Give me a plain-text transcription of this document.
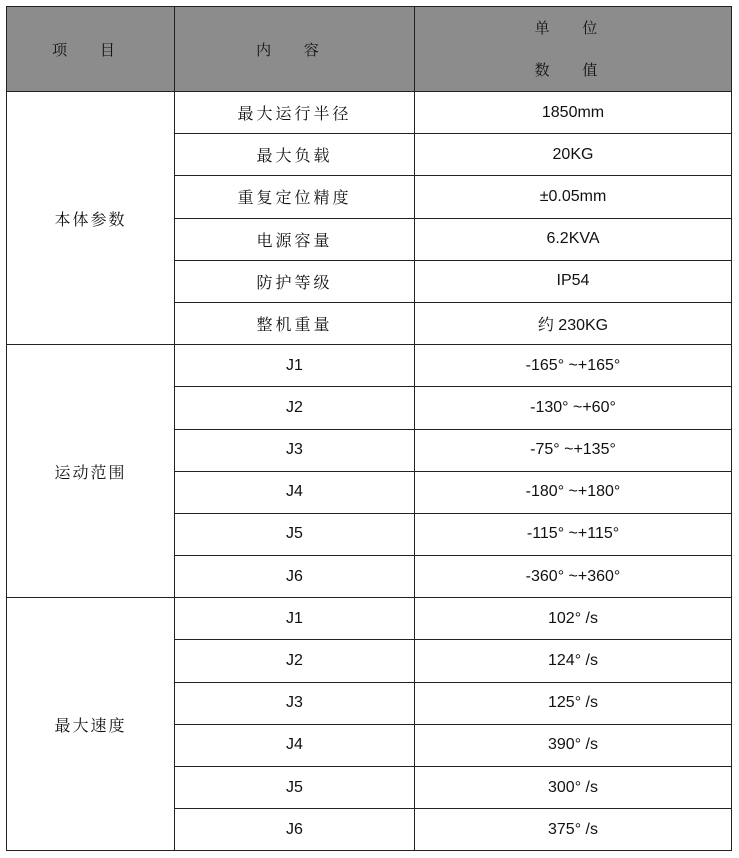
项 目	内 容	单 位
数 值

本体参数	最大运行半径	1850mm
	最大负载	20KG
	重复定位精度	±0.05mm
	电源容量	6.2KVA
	防护等级	IP54
	整机重量	约 230KG
运动范围	J1	-165° ~+165°
	J2	-130° ~+60°
	J3	-75° ~+135°
	J4	-180° ~+180°
	J5	-115° ~+115°
	J6	-360° ~+360°
最大速度	J1	102° /s
	J2	124° /s
	J3	125° /s
	J4	390° /s
	J5	300° /s
	J6	375° /s
